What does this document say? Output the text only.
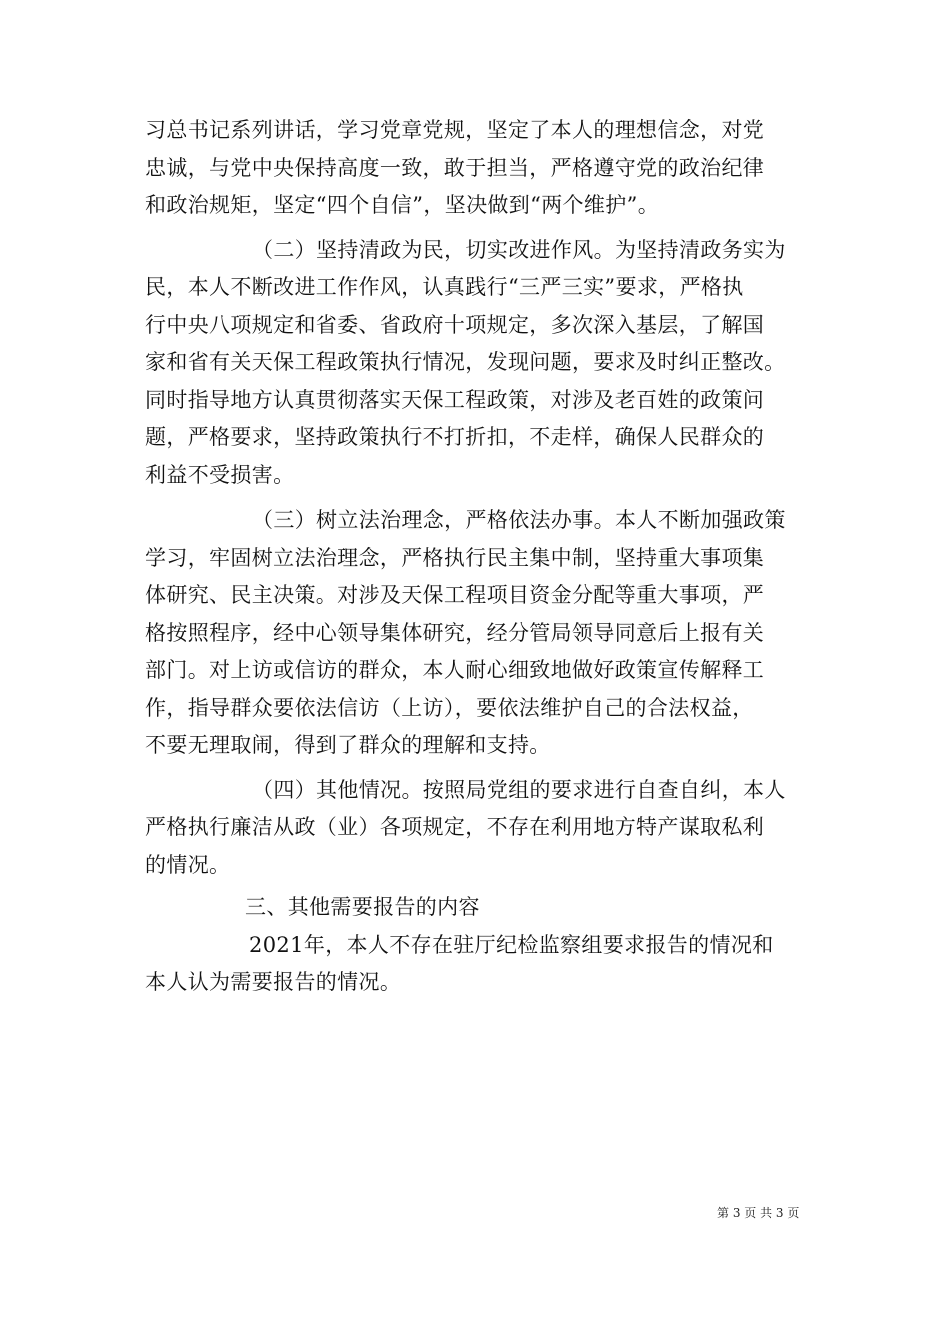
习总书记系列讲话，学习党章党规，坚定了本人的理想信念，对党
忠诚，与党中央保持高度一致，敢于担当，严格遵守党的政治纪律
和政治规矩，坚定“四个自信”，坚决做到“两个维护”。
（二）坚持清政为民，切实改进作风。为坚持清政务实为
民，本人不断改进工作作风，认真践行“三严三实”要求，严格执
行中央八项规定和省委、省政府十项规定，多次深入基层，了解国
家和省有关天保工程政策执行情况，发现问题，要求及时纠正整改。
同时指导地方认真贯彻落实天保工程政策，对涉及老百姓的政策问
题，严格要求，坚持政策执行不打折扣，不走样，确保人民群众的
利益不受损害。
（三）树立法治理念，严格依法办事。本人不断加强政策
学习，牢固树立法治理念，严格执行民主集中制，坚持重大事项集
体研究、民主决策。对涉及天保工程项目资金分配等重大事项，严
格按照程序，经中心领导集体研究，经分管局领导同意后上报有关
部门。对上访或信访的群众，本人耐心细致地做好政策宣传解释工
作，指导群众要依法信访（上访），要依法维护自己的合法权益，
不要无理取闹，得到了群众的理解和支持。
（四）其他情况。按照局党组的要求进行自查自纠，本人
严格执行廉洁从政（业）各项规定，不存在利用地方特产谋取私利
的情况。
三、其他需要报告的内容
2021年，本人不存在驻厅纪检监察组要求报告的情况和
本人认为需要报告的情况。
第 3 页 共 3 页
